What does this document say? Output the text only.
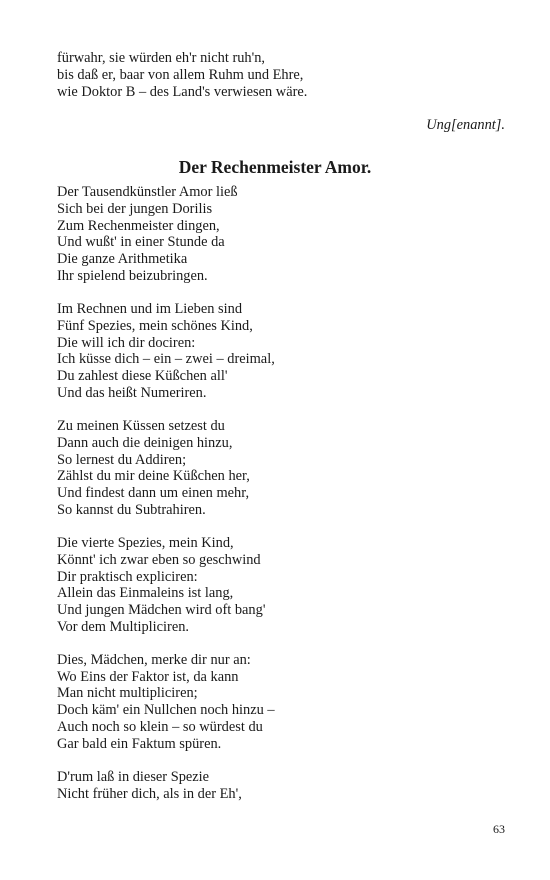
fürwahr, sie würden eh'r nicht ruh'n,
bis daß er, baar von allem Ruhm und Ehre,
wie Doktor B – des Land's verwiesen wäre.
Ung[enannt].
Der Rechenmeister Amor.
Der Tausendkünstler Amor ließ
Sich bei der jungen Dorilis
Zum Rechenmeister dingen,
Und wußt' in einer Stunde da
Die ganze Arithmetika
Ihr spielend beizubringen.
Im Rechnen und im Lieben sind
Fünf Spezies, mein schönes Kind,
Die will ich dir dociren:
Ich küsse dich – ein – zwei – dreimal,
Du zahlest diese Küßchen all'
Und das heißt Numeriren.
Zu meinen Küssen setzest du
Dann auch die deinigen hinzu,
So lernest du Addiren;
Zählst du mir deine Küßchen her,
Und findest dann um einen mehr,
So kannst du Subtrahiren.
Die vierte Spezies, mein Kind,
Könnt' ich zwar eben so geschwind
Dir praktisch expliciren:
Allein das Einmaleins ist lang,
Und jungen Mädchen wird oft bang'
Vor dem Multipliciren.
Dies, Mädchen, merke dir nur an:
Wo Eins der Faktor ist, da kann
Man nicht multipliciren;
Doch käm' ein Nullchen noch hinzu –
Auch noch so klein – so würdest du
Gar bald ein Faktum spüren.
D'rum laß in dieser Spezie
Nicht früher dich, als in der Eh',
63
